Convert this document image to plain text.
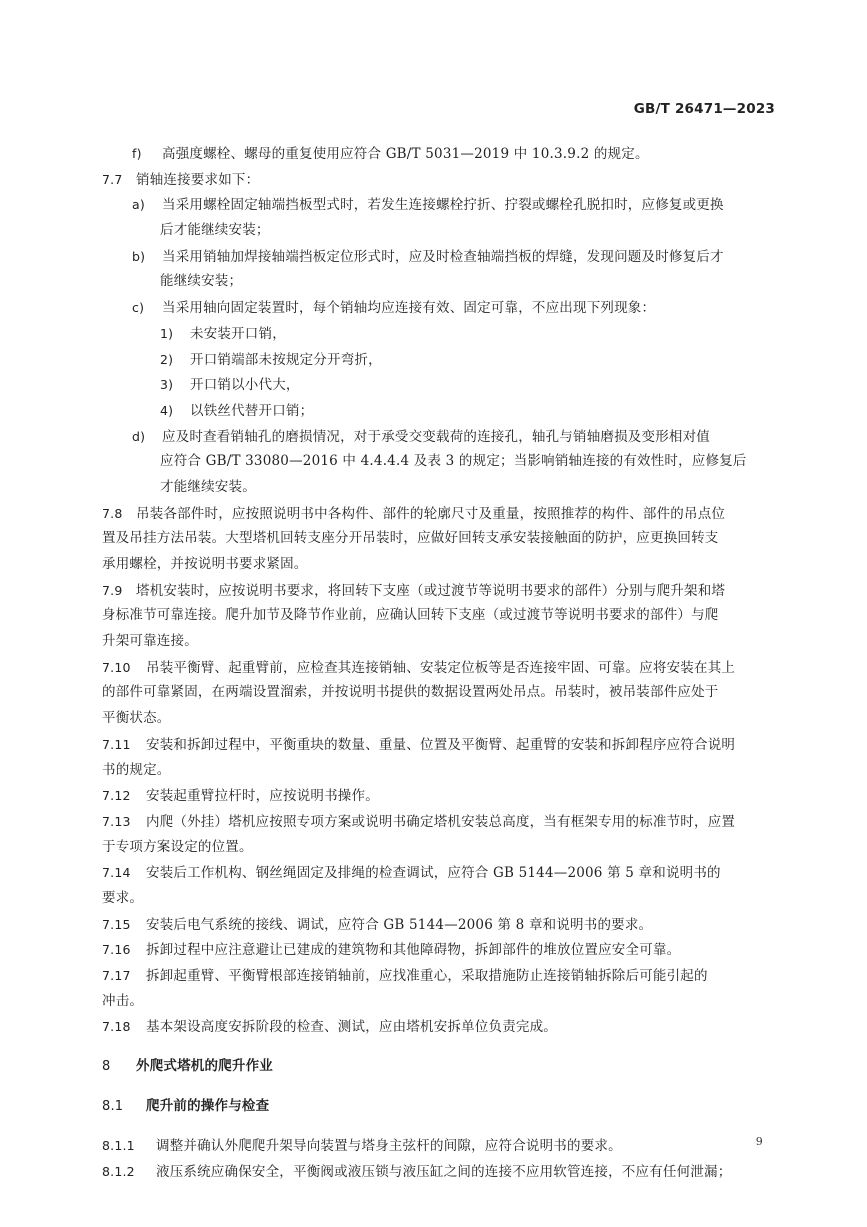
GB/T 26471—2023
f) 高强度螺栓、螺母的重复使用应符合 GB/T 5031—2019 中 10.3.9.2 的规定。
7.7 销轴连接要求如下：
a) 当采用螺栓固定轴端挡板型式时，若发生连接螺栓拧折、拧裂或螺栓孔脱扣时，应修复或更换
后才能继续安装；
b) 当采用销轴加焊接轴端挡板定位形式时，应及时检查轴端挡板的焊缝，发现问题及时修复后才
能继续安装；
c) 当采用轴向固定装置时，每个销轴均应连接有效、固定可靠，不应出现下列现象：
1) 未安装开口销，
2) 开口销端部未按规定分开弯折，
3) 开口销以小代大，
4) 以铁丝代替开口销；
d) 应及时查看销轴孔的磨损情况，对于承受交变载荷的连接孔，轴孔与销轴磨损及变形相对值
应符合 GB/T 33080—2016 中 4.4.4.4 及表 3 的规定；当影响销轴连接的有效性时，应修复后
才能继续安装。
7.8 吊装各部件时，应按照说明书中各构件、部件的轮廓尺寸及重量，按照推荐的构件、部件的吊点位
置及吊挂方法吊装。大型塔机回转支座分开吊装时，应做好回转支承安装接触面的防护，应更换回转支
承用螺栓，并按说明书要求紧固。
7.9 塔机安装时，应按说明书要求，将回转下支座（或过渡节等说明书要求的部件）分别与爬升架和塔
身标准节可靠连接。爬升加节及降节作业前，应确认回转下支座（或过渡节等说明书要求的部件）与爬
升架可靠连接。
7.10 吊装平衡臂、起重臂前，应检查其连接销轴、安装定位板等是否连接牢固、可靠。应将安装在其上
的部件可靠紧固，在两端设置溜索，并按说明书提供的数据设置两处吊点。吊装时，被吊装部件应处于
平衡状态。
7.11 安装和拆卸过程中，平衡重块的数量、重量、位置及平衡臂、起重臂的安装和拆卸程序应符合说明
书的规定。
7.12 安装起重臂拉杆时，应按说明书操作。
7.13 内爬（外挂）塔机应按照专项方案或说明书确定塔机安装总高度，当有框架专用的标准节时，应置
于专项方案设定的位置。
7.14 安装后工作机构、钢丝绳固定及排绳的检查调试，应符合 GB 5144—2006 第 5 章和说明书的
要求。
7.15 安装后电气系统的接线、调试，应符合 GB 5144—2006 第 8 章和说明书的要求。
7.16 拆卸过程中应注意避让已建成的建筑物和其他障碍物，拆卸部件的堆放位置应安全可靠。
7.17 拆卸起重臂、平衡臂根部连接销轴前，应找准重心，采取措施防止连接销轴拆除后可能引起的
冲击。
7.18 基本架设高度安拆阶段的检查、测试，应由塔机安拆单位负责完成。
8 外爬式塔机的爬升作业
8.1 爬升前的操作与检查
8.1.1 调整并确认外爬爬升架导向装置与塔身主弦杆的间隙，应符合说明书的要求。
8.1.2 液压系统应确保安全，平衡阀或液压锁与液压缸之间的连接不应用软管连接，不应有任何泄漏；
9
